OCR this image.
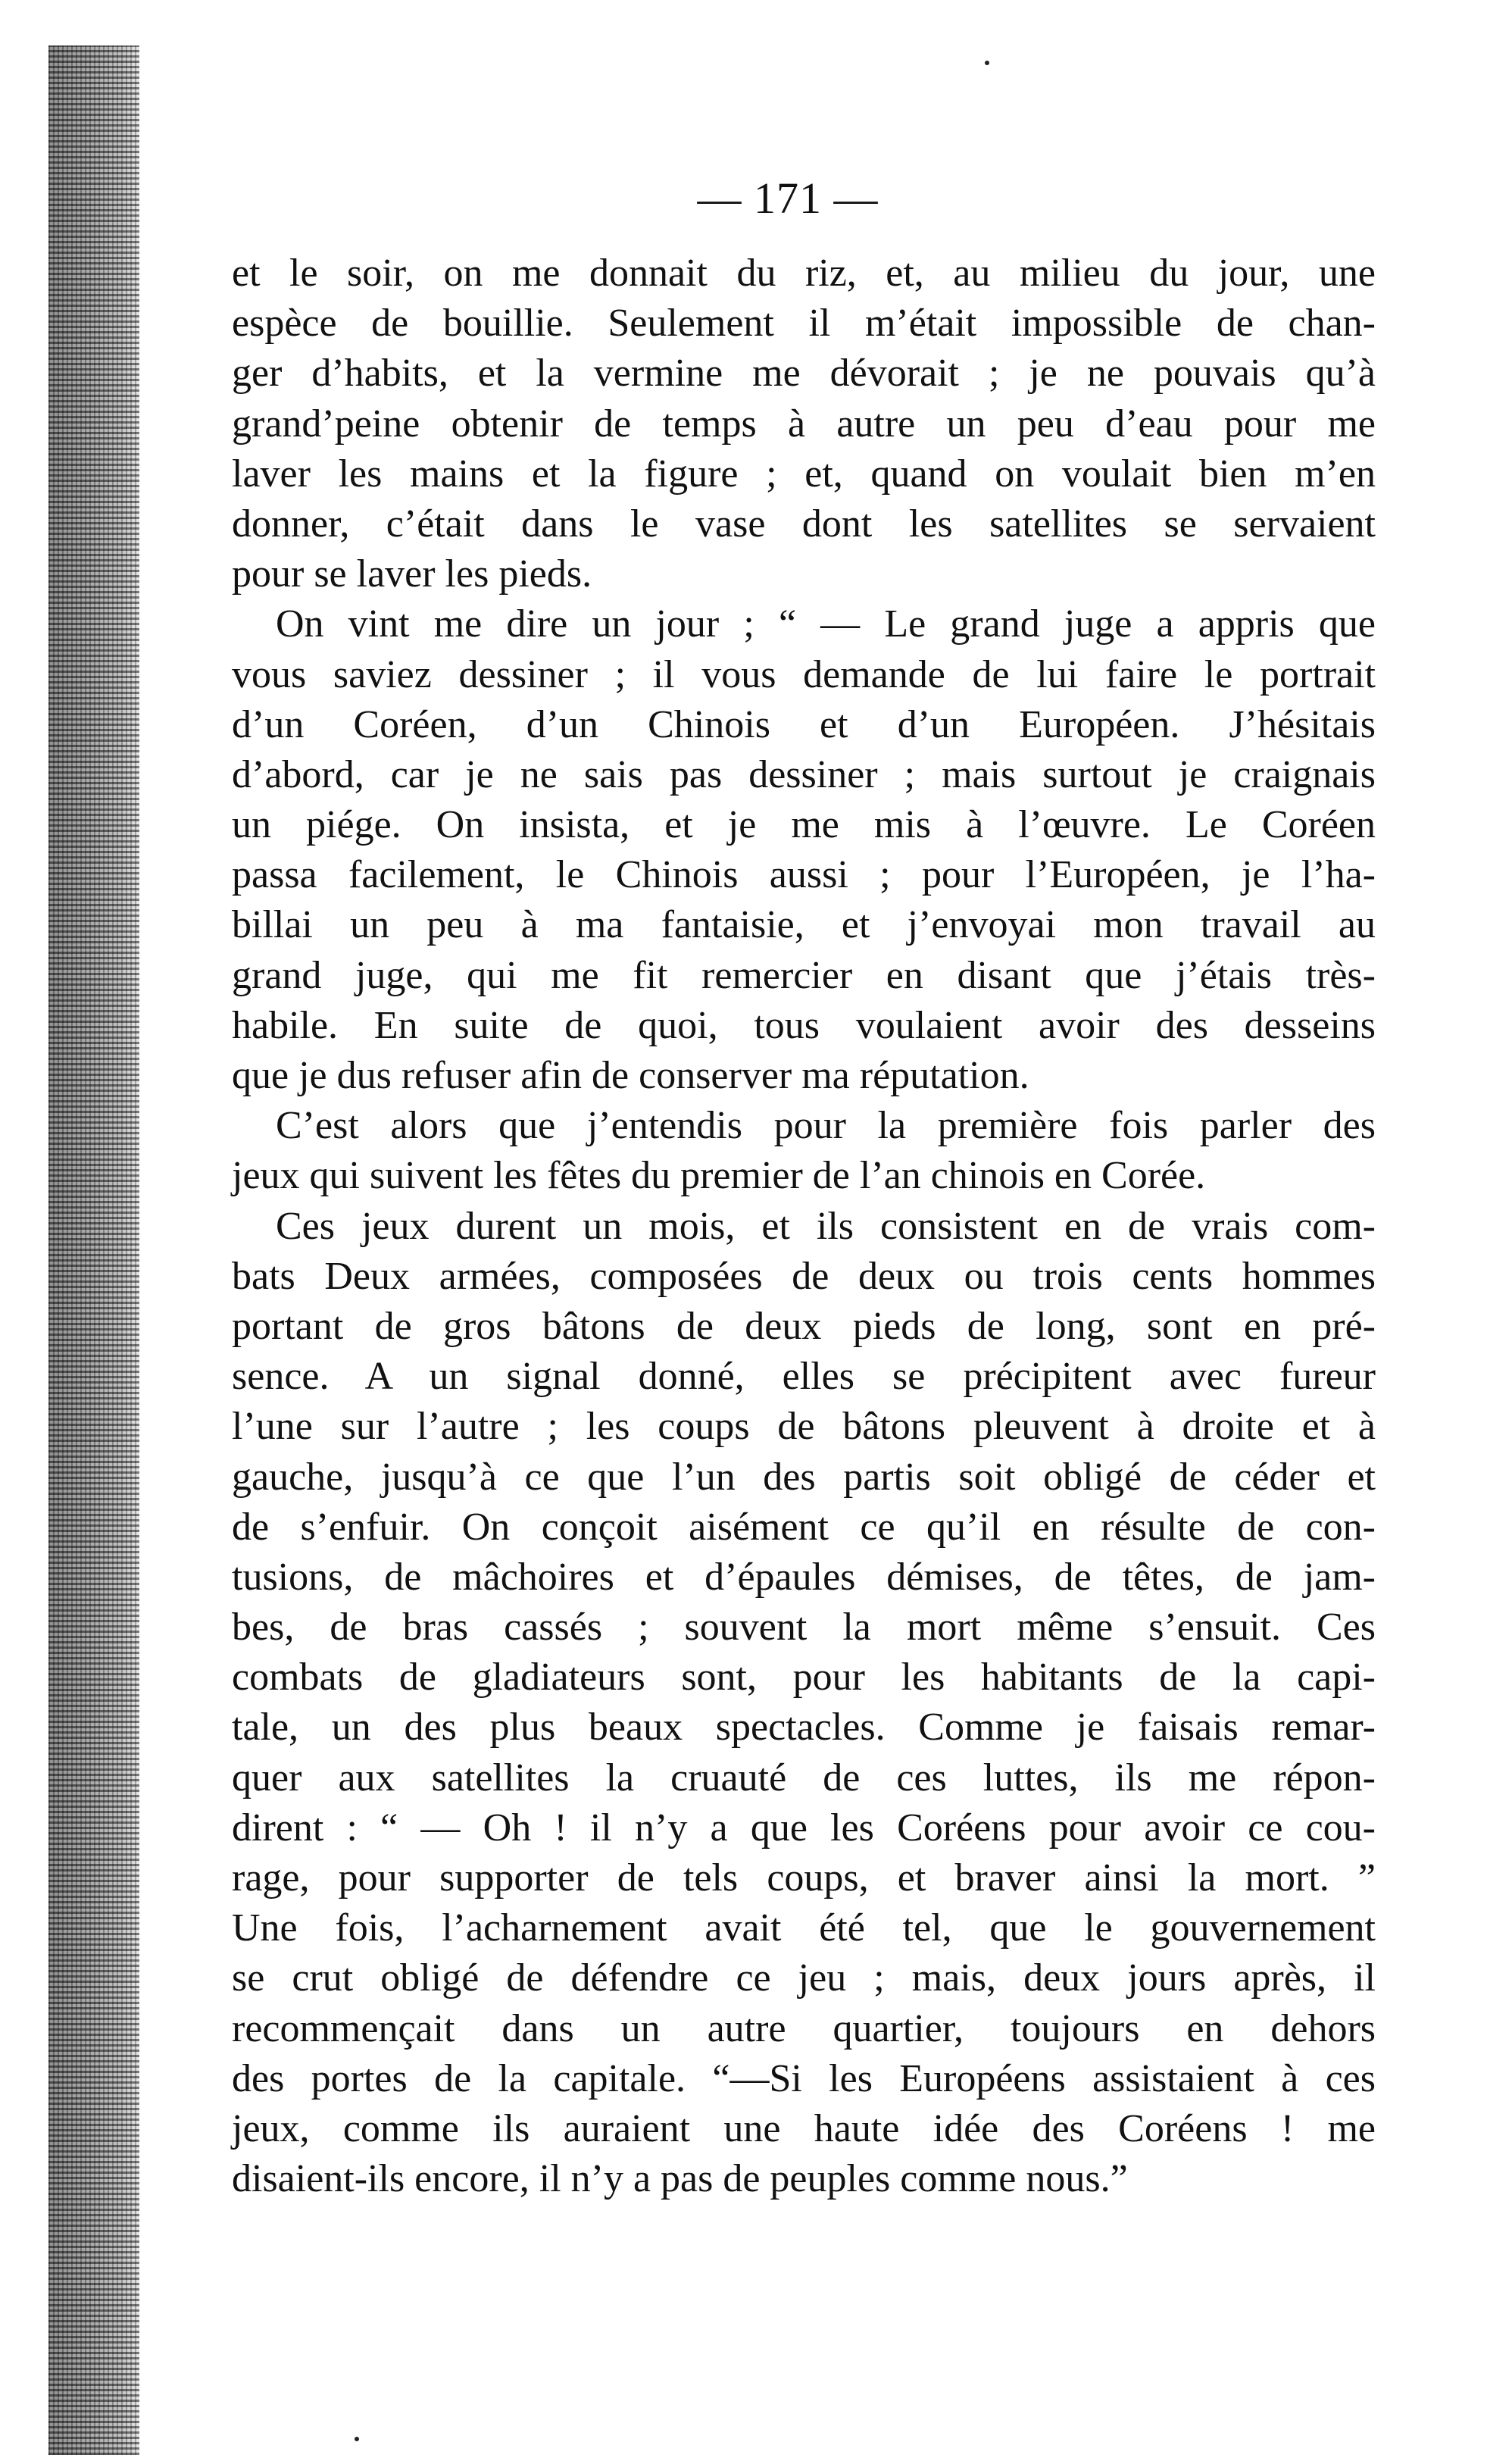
— 171 —
et le soir, on me donnait du riz, et, au milieu du jour, une
espèce de bouillie. Seulement il m’était impossible de chan-
ger d’habits, et la vermine me dévorait ; je ne pouvais qu’à
grand’peine obtenir de temps à autre un peu d’eau pour me
laver les mains et la figure ; et, quand on voulait bien m’en
donner, c’était dans le vase dont les satellites se servaient
pour se laver les pieds.
On vint me dire un jour ; “ — Le grand juge a appris que
vous saviez dessiner ; il vous demande de lui faire le portrait
d’un Coréen, d’un Chinois et d’un Européen. J’hésitais
d’abord, car je ne sais pas dessiner ; mais surtout je craignais
un piége. On insista, et je me mis à l’œuvre. Le Coréen
passa facilement, le Chinois aussi ; pour l’Européen, je l’ha-
billai un peu à ma fantaisie, et j’envoyai mon travail au
grand juge, qui me fit remercier en disant que j’étais très-
habile. En suite de quoi, tous voulaient avoir des desseins
que je dus refuser afin de conserver ma réputation.
C’est alors que j’entendis pour la première fois parler des
jeux qui suivent les fêtes du premier de l’an chinois en Corée.
Ces jeux durent un mois, et ils consistent en de vrais com-
bats Deux armées, composées de deux ou trois cents hommes
portant de gros bâtons de deux pieds de long, sont en pré-
sence. A un signal donné, elles se précipitent avec fureur
l’une sur l’autre ; les coups de bâtons pleuvent à droite et à
gauche, jusqu’à ce que l’un des partis soit obligé de céder et
de s’enfuir. On conçoit aisément ce qu’il en résulte de con-
tusions, de mâchoires et d’épaules démises, de têtes, de jam-
bes, de bras cassés ; souvent la mort même s’ensuit. Ces
combats de gladiateurs sont, pour les habitants de la capi-
tale, un des plus beaux spectacles. Comme je faisais remar-
quer aux satellites la cruauté de ces luttes, ils me répon-
dirent : “ — Oh ! il n’y a que les Coréens pour avoir ce cou-
rage, pour supporter de tels coups, et braver ainsi la mort. ”
Une fois, l’acharnement avait été tel, que le gouvernement
se crut obligé de défendre ce jeu ; mais, deux jours après, il
recommençait dans un autre quartier, toujours en dehors
des portes de la capitale. “—Si les Européens assistaient à ces
jeux, comme ils auraient une haute idée des Coréens ! me
disaient-ils encore, il n’y a pas de peuples comme nous.”
